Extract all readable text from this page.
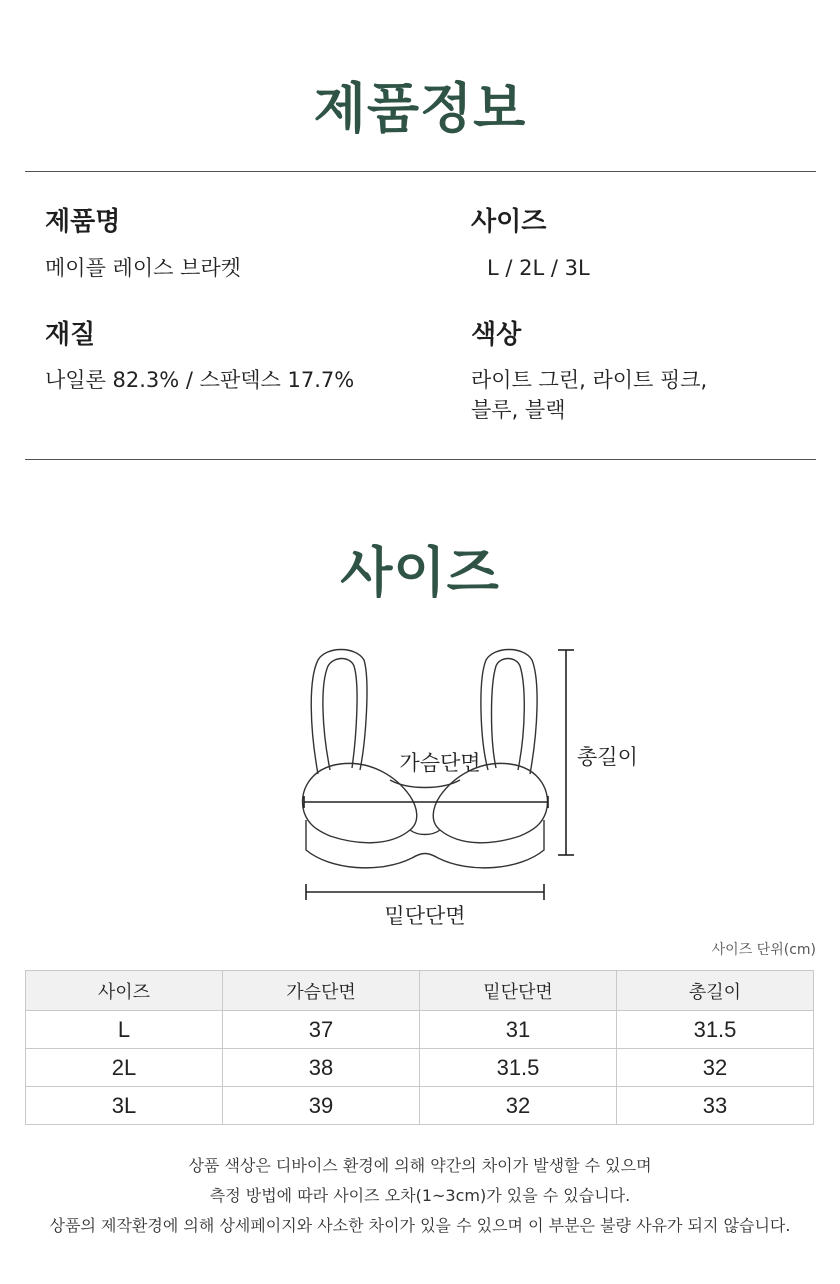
제품정보
제품명
메이플 레이스 브라켓
사이즈
L / 2L / 3L
재질
나일론 82.3% / 스판덱스 17.7%
색상
라이트 그린, 라이트 핑크,
블루, 블랙
사이즈
가슴단면	총길이
밑단단면
사이즈 단위(cm)
사이즈	가슴단면	밑단단면	총길이
L	37	31	31.5
2L	38	31.5	32
3L	39	32	33
상품 색상은 디바이스 환경에 의해 약간의 차이가 발생할 수 있으며
측정 방법에 따라 사이즈 오차(1~3cm)가 있을 수 있습니다.
상품의 제작환경에 의해 상세페이지와 사소한 차이가 있을 수 있으며 이 부분은 불량 사유가 되지 않습니다.
